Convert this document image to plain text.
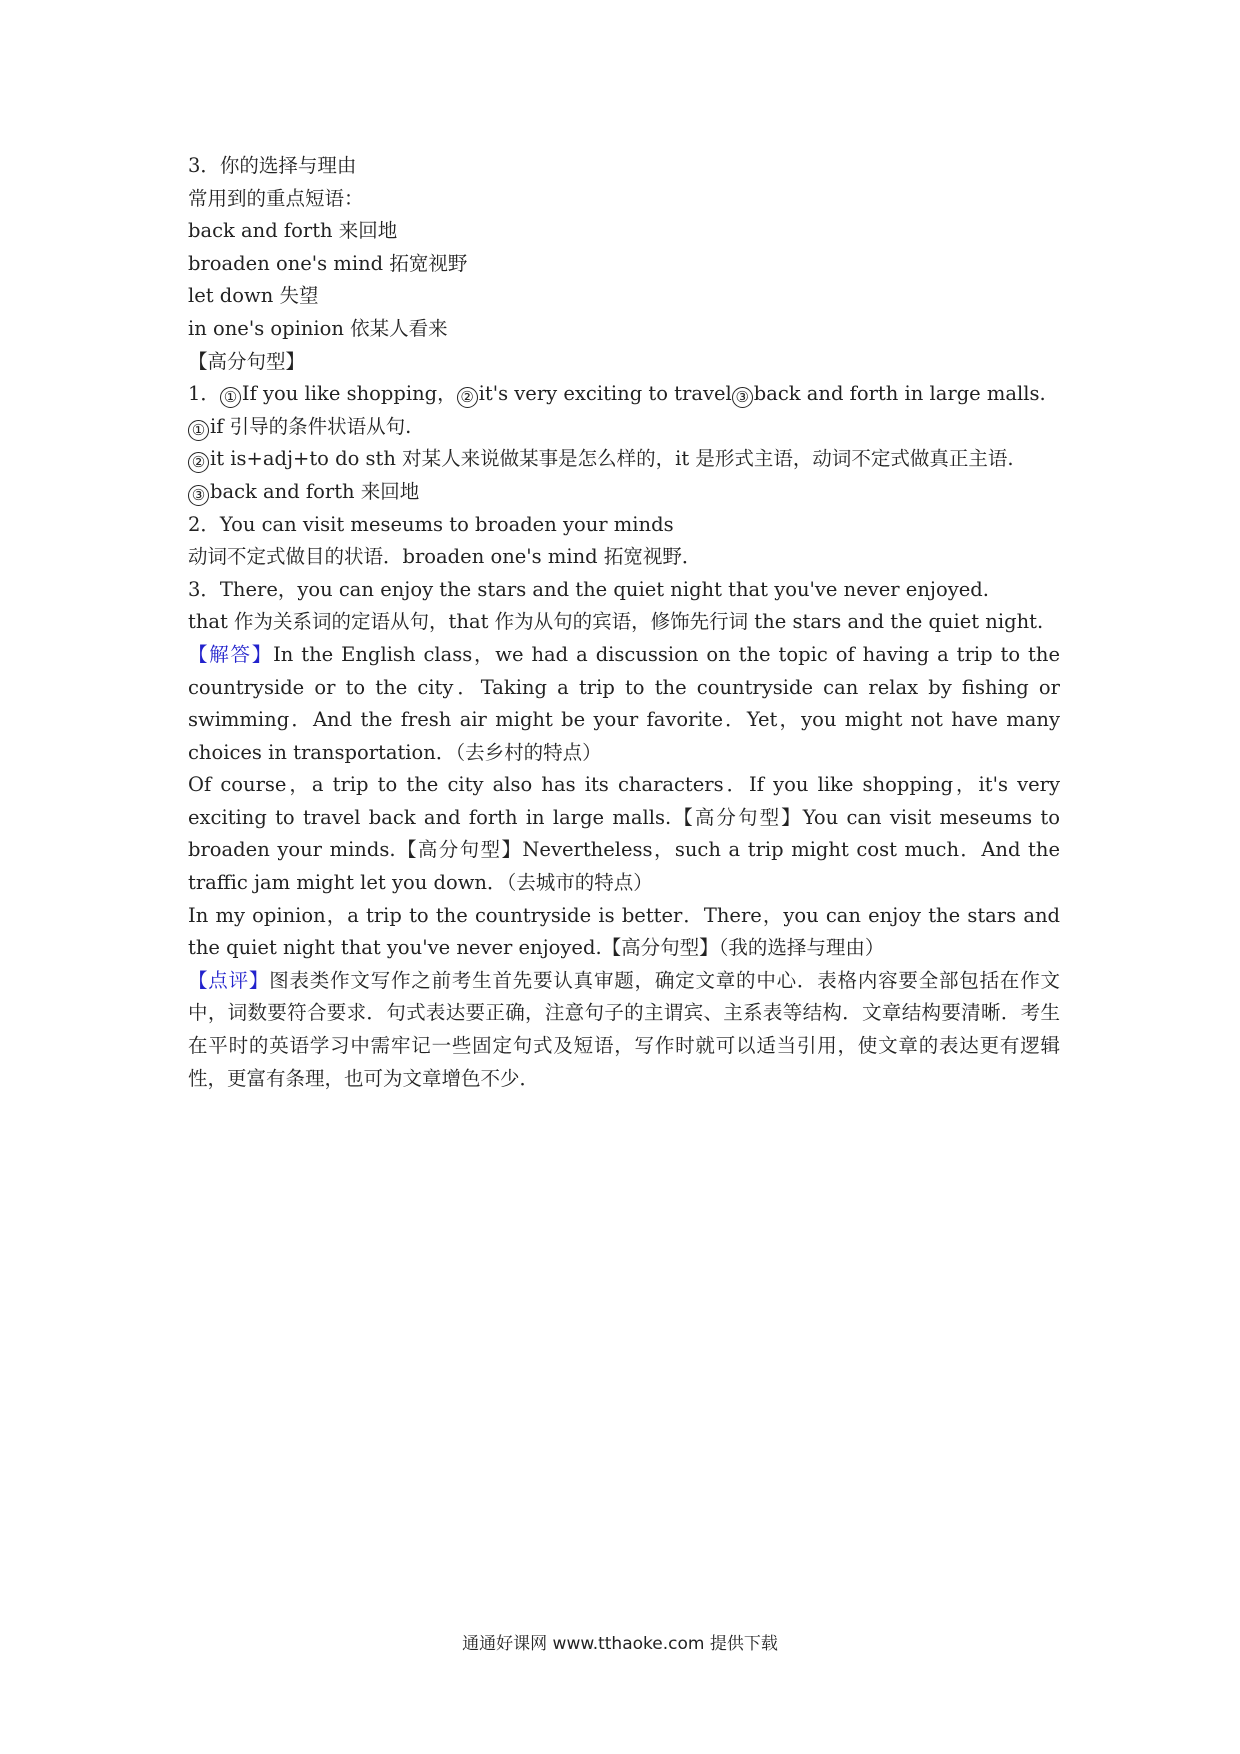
3．你的选择与理由
常用到的重点短语：
back and forth 来回地
broaden one's mind 拓宽视野
let down 失望
in one's opinion 依某人看来
【高分句型】
1． ① If you like shopping， ② it's very exciting to travel ③ back and forth in large malls.
① if 引导的条件状语从句.
② it is+adj+to do sth 对某人来说做某事是怎么样的，it 是形式主语，动词不定式做真正主语.
③ back and forth 来回地
2．You can visit meseums to broaden your minds
动词不定式做目的状语．broaden one's mind 拓宽视野．
3．There，you can enjoy the stars and the quiet night that you've never enjoyed.
that 作为关系词的定语从句，that 作为从句的宾语，修饰先行词 the stars and the quiet night.
【解答】In the English class，we had a discussion on the topic of having a trip to the countryside or to the city．Taking a trip to the countryside can relax by fishing or swimming．And the fresh air might be your favorite．Yet，you might not have many choices in transportation．（去乡村的特点）
Of course，a trip to the city also has its characters．If you like shopping，it's very exciting to travel back and forth in large malls.【高分句型】You can visit meseums to broaden your minds.【高分句型】Nevertheless，such a trip might cost much．And the traffic jam might let you down．（去城市的特点）
In my opinion，a trip to the countryside is better．There，you can enjoy the stars and the quiet night that you've never enjoyed.【高分句型】（我的选择与理由）
【点评】图表类作文写作之前考生首先要认真审题，确定文章的中心．表格内容要全部包括在作文中，词数要符合要求．句式表达要正确，注意句子的主谓宾、主系表等结构．文章结构要清晰．考生在平时的英语学习中需牢记一些固定句式及短语，写作时就可以适当引用，使文章的表达更有逻辑性，更富有条理，也可为文章增色不少．
通通好课网 www.tthaoke.com 提供下载
